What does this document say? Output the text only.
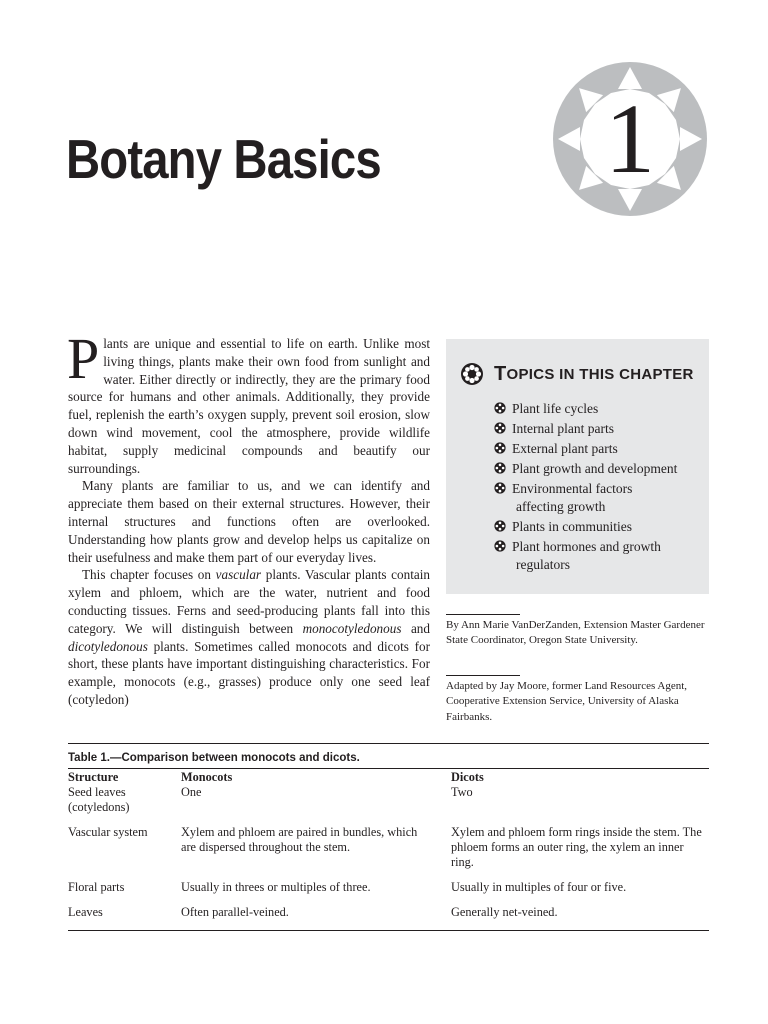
Botany Basics	1

Plants are unique and essential to life on earth. Unlike most living things, plants make their own food from sunlight and water. Either directly or indirectly, they are the primary food source for humans and other animals. Additionally, they provide fuel, replenish the earth’s oxygen supply, prevent soil erosion, slow down wind movement, cool the atmosphere, provide wildlife habitat, supply medicinal compounds and beautify our surroundings.

Many plants are familiar to us, and we can identify and appreciate them based on their external structures. However, their internal structures and functions often are overlooked. Understanding how plants grow and develop helps us capitalize on their usefulness and make them part of our everyday lives.

This chapter focuses on vascular plants. Vascular plants contain xylem and phloem, which are the water, nutrient and food conducting tissues. Ferns and seed-producing plants fall into this category. We will distinguish between monocotyledonous and dicotyledonous plants. Sometimes called monocots and dicots for short, these plants have important distinguishing characteristics. For example, monocots (e.g., grasses) produce only one seed leaf (cotyledon)

T OPICS IN THIS CHAPTER
Plant life cycles
Internal plant parts
External plant parts
Plant growth and development
Environmental factors
affecting growth
Plants in communities
Plant hormones and growth
regulators
By Ann Marie VanDerZanden, Extension Master Gardener State Coordinator, Oregon State University.
Adapted by Jay Moore, former Land Resources Agent, Cooperative Extension Service, University of Alaska Fairbanks.
Table 1.—Comparison between monocots and dicots.
Structure	Monocots	Dicots
Seed leaves (cotyledons)	One	Two
Vascular system	Xylem and phloem are paired in bundles, which are dispersed throughout the stem.	Xylem and phloem form rings inside the stem. The phloem forms an outer ring, the xylem an inner ring.
Floral parts	Usually in threes or multiples of three.	Usually in multiples of four or five.
Leaves	Often parallel-veined.	Generally net-veined.
